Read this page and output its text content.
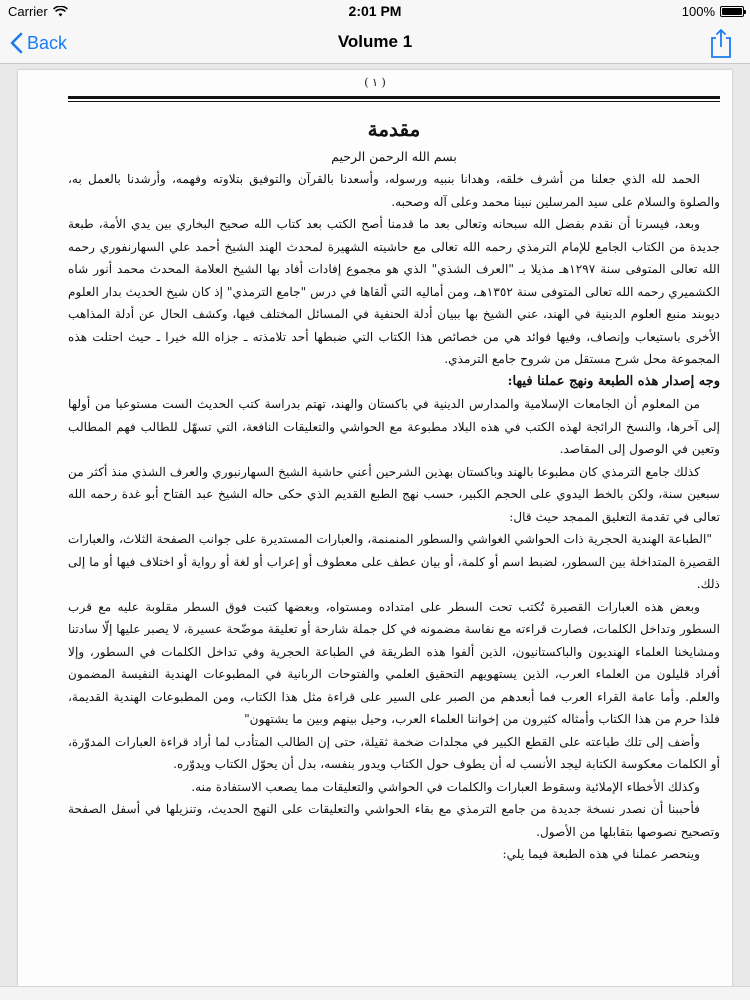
Carrier	2:01 PM	100%
Back	Volume 1
( ١ )
مقدمة
بسم الله الرحمن الرحيم

الحمد لله الذي جعلنا من أشرف خلقه، وهدانا بنبيه ورسوله، وأسعدنا بالقرآن والتوفيق بتلاوته وفهمه، وأرشدنا بالعمل به، والصلوة والسلام على سيد المرسلين نبينا محمد وعلى آله وصحبه.

وبعد، فيسرنا أن نقدم بفضل الله سبحانه وتعالى بعد ما قدمنا أصح الكتب بعد كتاب الله صحيح البخاري بين يدي الأمة، طبعة جديدة من الكتاب الجامع للإمام الترمذي رحمه الله تعالى مع حاشيته الشهيرة لمحدث الهند الشيخ أحمد علي السهارنفوري رحمه الله تعالى المتوفى سنة ١٢٩٧هـ مذيلا بـ "العرف الشذي" الذي هو مجموع إفادات أفاد بها الشيخ العلامة المحدث محمد أنور شاه الكشميري رحمه الله تعالى المتوفى سنة ١٣٥٢هـ، ومن أماليه التي ألقاها في درس "جامع الترمذي" إذ كان شيخ الحديث بدار العلوم ديوبند منبع العلوم الدينية في الهند، عني الشيخ بها ببيان أدلة الحنفية في المسائل المختلف فيها، وكشف الحال عن أدلة المذاهب الأخرى باستيعاب وإنصاف، وفيها فوائد هي من خصائص هذا الكتاب التي ضبطها أحد تلامذته ـ جزاه الله خيرا ـ حيث احتلت هذه المجموعة محل شرح مستقل من شروح جامع الترمذي.

وجه إصدار هذه الطبعة ونهج عملنا فيها:

من المعلوم أن الجامعات الإسلامية والمدارس الدينية في باكستان والهند، تهتم بدراسة كتب الحديث الست مستوعبا من أولها إلى آخرها، والنسخ الرائجة لهذه الكتب في هذه البلاد مطبوعة مع الحواشي والتعليقات النافعة، التي تسهّل للطالب فهم المطالب وتعين في الوصول إلى المقاصد.

كذلك جامع الترمذي كان مطبوعا بالهند وباكستان بهذين الشرحين أعني حاشية الشيخ السهارنبوري والعرف الشذي منذ أكثر من سبعين سنة، ولكن بالخط اليدوي على الحجم الكبير، حسب نهج الطبع القديم الذي حكى حاله الشيخ عبد الفتاح أبو غدة رحمه الله تعالى في تقدمة التعليق الممجد حيث قال:

"الطباعة الهندية الحجرية ذات الحواشي الغواشي والسطور المنمنمة، والعبارات المستديرة على جوانب الصفحة الثلاث، والعبارات القصيرة المتداخلة بين السطور، لضبط اسم أو كلمة، أو بيان عطف على معطوف أو إعراب أو لغة أو رواية أو اختلاف فيها أو ما إلى ذلك.

وبعض هذه العبارات القصيرة تُكتب تحت السطر على امتداده ومستواه، وبعضها كتبت فوق السطر مقلوبة عليه مع قرب السطور وتداخل الكلمات، فصارت قراءته مع نفاسة مضمونه في كل جملة شارحة أو تعليقة موضّحة عسيرة، لا يصبر عليها إلّا سادتنا ومشايخنا العلماء الهنديون والباكستانيون، الذين ألفوا هذه الطريقة في الطباعة الحجرية وفي تداخل الكلمات في السطور، وإلا أفراد قليلون من العلماء العرب، الذين يستهويهم التحقيق العلمي والفتوحات الربانية في المطبوعات الهندية النفيسة المضمون والعلم. وأما عامة القراء العرب فما أبعدهم من الصبر على السير على قراءة مثل هذا الكتاب، ومن المطبوعات الهندية القديمة، فلذا حرم من هذا الكتاب وأمثاله كثيرون من إخواننا العلماء العرب، وحيل بينهم وبين ما يشتهون"

وأضف إلى تلك طباعته على القطع الكبير في مجلدات ضخمة ثقيلة، حتى إن الطالب المتأدب لما أراد قراءة العبارات المدوّرة، أو الكلمات معكوسة الكتابة ليجد الأنسب له أن يطوف حول الكتاب ويدور بنفسه، بدل أن يحوّل الكتاب ويدوّره.

وكذلك الأخطاء الإملائية وسقوط العبارات والكلمات في الحواشي والتعليقات مما يصعب الاستفادة منه.

فأحببنا أن نصدر نسخة جديدة من جامع الترمذي مع بقاء الحواشي والتعليقات على النهج الحديث، وتنزيلها في أسفل الصفحة وتصحيح نصوصها بتقابلها من الأصول.

وينحصر عملنا في هذه الطبعة فيما يلي:
